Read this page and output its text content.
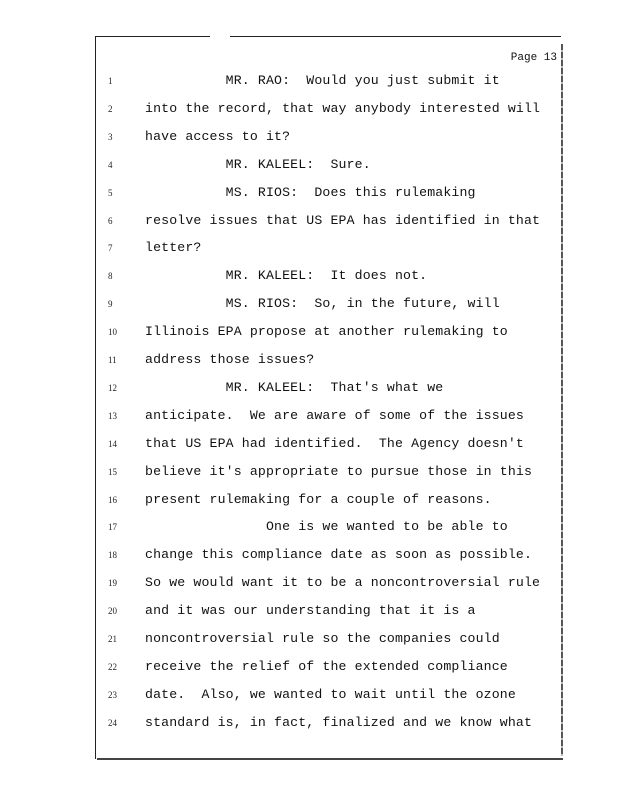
Page 13
1	MR. RAO:  Would you just submit it
2	into the record, that way anybody interested will
3	have access to it?
4	MR. KALEEL:  Sure.
5	MS. RIOS:  Does this rulemaking
6	resolve issues that US EPA has identified in that
7	letter?
8	MR. KALEEL:  It does not.
9	MS. RIOS:  So, in the future, will
10	Illinois EPA propose at another rulemaking to
11	address those issues?
12	MR. KALEEL:  That's what we
13	anticipate.  We are aware of some of the issues
14	that US EPA had identified.  The Agency doesn't
15	believe it's appropriate to pursue those in this
16	present rulemaking for a couple of reasons.
17	One is we wanted to be able to
18	change this compliance date as soon as possible.
19	So we would want it to be a noncontroversial rule
20	and it was our understanding that it is a
21	noncontroversial rule so the companies could
22	receive the relief of the extended compliance
23	date.  Also, we wanted to wait until the ozone
24	standard is, in fact, finalized and we know what
